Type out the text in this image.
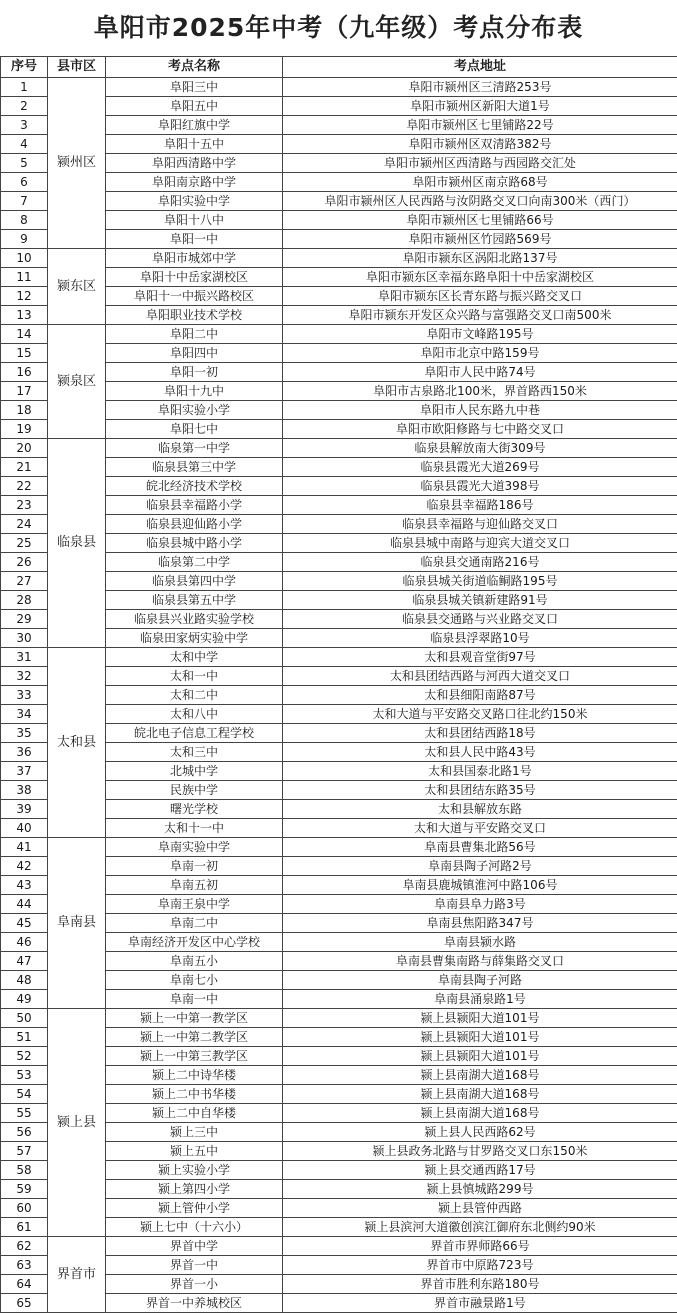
阜阳市2025年中考（九年级）考点分布表
序号	县市区	考点名称	考点地址
1	颍州区	阜阳三中	阜阳市颍州区三清路253号
2		阜阳五中	阜阳市颍州区新阳大道1号
3		阜阳红旗中学	阜阳市颍州区七里铺路22号
4		阜阳十五中	阜阳市颍州区双清路382号
5		阜阳西清路中学	阜阳市颍州区西清路与西园路交汇处
6		阜阳南京路中学	阜阳市颍州区南京路68号
7		阜阳实验中学	阜阳市颍州区人民西路与汝阴路交叉口向南300米（西门）
8		阜阳十八中	阜阳市颍州区七里铺路66号
9		阜阳一中	阜阳市颍州区竹园路569号
10	颍东区	阜阳市城郊中学	阜阳市颍东区涡阳北路137号
11		阜阳十中岳家湖校区	阜阳市颍东区幸福东路阜阳十中岳家湖校区
12		阜阳十一中振兴路校区	阜阳市颍东区长青东路与振兴路交叉口
13		阜阳职业技术学校	阜阳市颍东开发区众兴路与富强路交叉口南500米
14	颍泉区	阜阳二中	阜阳市文峰路195号
15		阜阳四中	阜阳市北京中路159号
16		阜阳一初	阜阳市人民中路74号
17		阜阳十九中	阜阳市古泉路北100米，界首路西150米
18		阜阳实验小学	阜阳市人民东路九中巷
19		阜阳七中	阜阳市欧阳修路与七中路交叉口
20	临泉县	临泉第一中学	临泉县解放南大街309号
21		临泉县第三中学	临泉县霞光大道269号
22		皖北经济技术学校	临泉县霞光大道398号
23		临泉县幸福路小学	临泉县幸福路186号
24		临泉县迎仙路小学	临泉县幸福路与迎仙路交叉口
25		临泉县城中路小学	临泉县城中南路与迎宾大道交叉口
26		临泉第二中学	临泉县交通南路216号
27		临泉县第四中学	临泉县城关街道临鲖路195号
28		临泉县第五中学	临泉县城关镇新建路91号
29		临泉县兴业路实验学校	临泉县交通路与兴业路交叉口
30		临泉田家炳实验中学	临泉县浮翠路10号
31	太和县	太和中学	太和县观音堂街97号
32		太和一中	太和县团结西路与河西大道交叉口
33		太和二中	太和县细阳南路87号
34		太和八中	太和大道与平安路交叉路口往北约150米
35		皖北电子信息工程学校	太和县团结西路18号
36		太和三中	太和县人民中路43号
37		北城中学	太和县国泰北路1号
38		民族中学	太和县团结东路35号
39		曙光学校	太和县解放东路
40		太和十一中	太和大道与平安路交叉口
41	阜南县	阜南实验中学	阜南县曹集北路56号
42		阜南一初	阜南县陶子河路2号
43		阜南五初	阜南县鹿城镇淮河中路106号
44		阜南王泉中学	阜南县阜力路3号
45		阜南二中	阜南县焦阳路347号
46		阜南经济开发区中心学校	阜南县颍水路
47		阜南五小	阜南县曹集南路与薛集路交叉口
48		阜南七小	阜南县陶子河路
49		阜南一中	阜南县涌泉路1号
50	颍上县	颍上一中第一教学区	颍上县颍阳大道101号
51		颍上一中第二教学区	颍上县颍阳大道101号
52		颍上一中第三教学区	颍上县颍阳大道101号
53		颍上二中诗华楼	颍上县南湖大道168号
54		颍上二中书华楼	颍上县南湖大道168号
55		颍上二中自华楼	颍上县南湖大道168号
56		颍上三中	颍上县人民西路62号
57		颍上五中	颍上县政务北路与甘罗路交叉口东150米
58		颍上实验小学	颍上县交通西路17号
59		颍上第四小学	颍上县慎城路299号
60		颍上管仲小学	颍上县管仲西路
61		颍上七中（十六小）	颍上县滨河大道徽创滨江御府东北侧约90米
62	界首市	界首中学	界首市界师路66号
63		界首一中	界首市中原路723号
64		界首一小	界首市胜利东路180号
65		界首一中养城校区	界首市融景路1号
